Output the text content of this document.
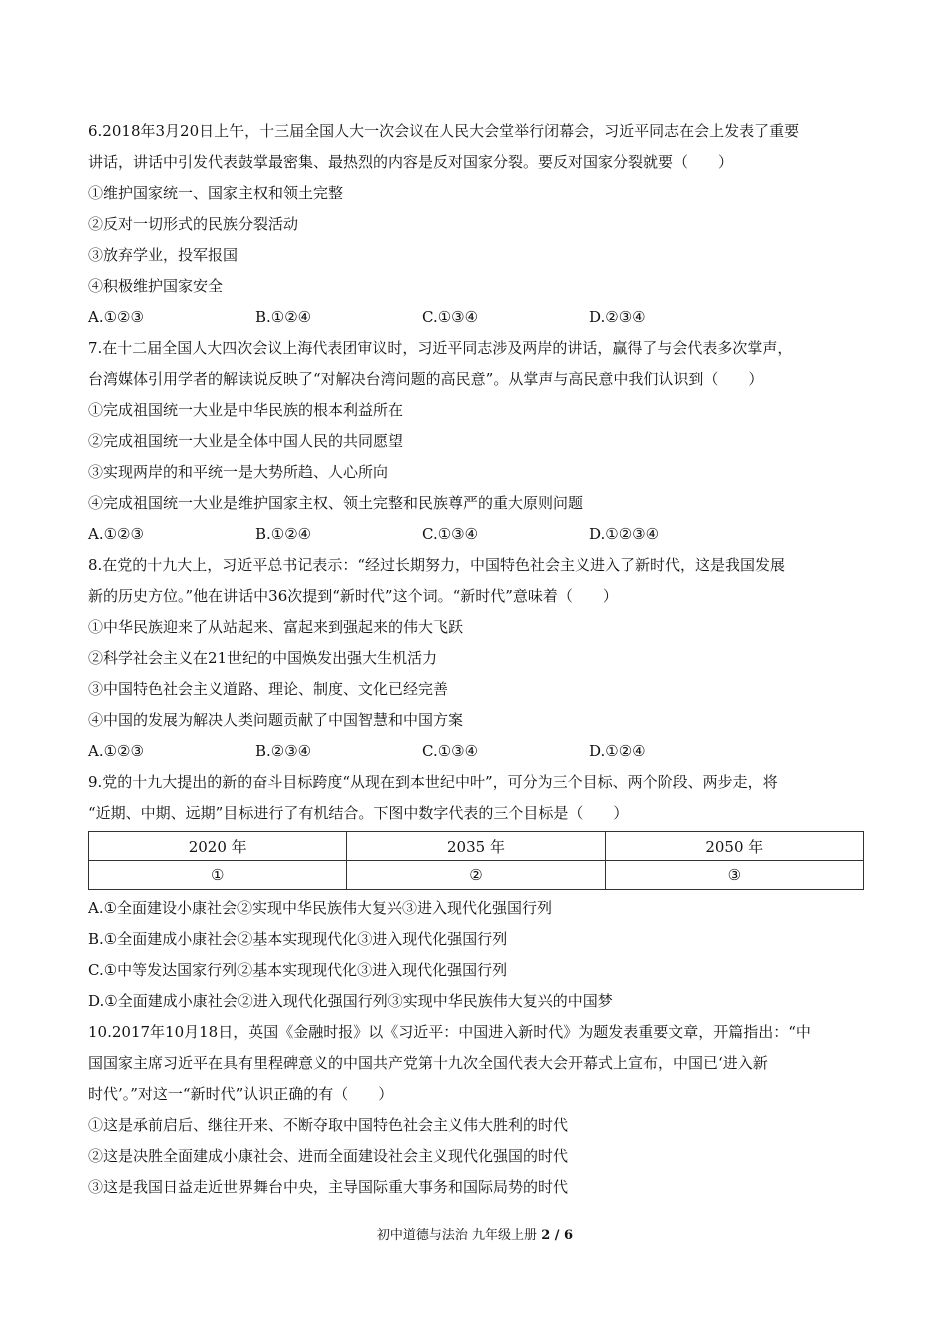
6.2018年3月20日上午，十三届全国人大一次会议在人民大会堂举行闭幕会，习近平同志在会上发表了重要
讲话，讲话中引发代表鼓掌最密集、最热烈的内容是反对国家分裂。要反对国家分裂就要（　　）
①维护国家统一、国家主权和领土完整
②反对一切形式的民族分裂活动
③放弃学业，投军报国
④积极维护国家安全
A.①②③	B.①②④	C.①③④	D.②③④
7.在十二届全国人大四次会议上海代表团审议时，习近平同志涉及两岸的讲话，赢得了与会代表多次掌声，
台湾媒体引用学者的解读说反映了“对解决台湾问题的高民意”。从掌声与高民意中我们认识到（　　）
①完成祖国统一大业是中华民族的根本利益所在
②完成祖国统一大业是全体中国人民的共同愿望
③实现两岸的和平统一是大势所趋、人心所向
④完成祖国统一大业是维护国家主权、领土完整和民族尊严的重大原则问题
A.①②③	B.①②④	C.①③④	D.①②③④
8.在党的十九大上，习近平总书记表示：“经过长期努力，中国特色社会主义进入了新时代，这是我国发展
新的历史方位。”他在讲话中36次提到“新时代”这个词。“新时代”意味着（　　）
①中华民族迎来了从站起来、富起来到强起来的伟大飞跃
②科学社会主义在21世纪的中国焕发出强大生机活力
③中国特色社会主义道路、理论、制度、文化已经完善
④中国的发展为解决人类问题贡献了中国智慧和中国方案
A.①②③	B.②③④	C.①③④	D.①②④
9.党的十九大提出的新的奋斗目标跨度“从现在到本世纪中叶”，可分为三个目标、两个阶段、两步走，将
“近期、中期、远期”目标进行了有机结合。下图中数字代表的三个目标是（　　）
2020 年	2035 年	2050 年
①	②	③
A.①全面建设小康社会②实现中华民族伟大复兴③进入现代化强国行列
B.①全面建成小康社会②基本实现现代化③进入现代化强国行列
C.①中等发达国家行列②基本实现现代化③进入现代化强国行列
D.①全面建成小康社会②进入现代化强国行列③实现中华民族伟大复兴的中国梦
10.2017年10月18日，英国《金融时报》以《习近平：中国进入新时代》为题发表重要文章，开篇指出：“中
国国家主席习近平在具有里程碑意义的中国共产党第十九次全国代表大会开幕式上宣布，中国已‘进入新
时代’。”对这一“新时代”认识正确的有（　　）
①这是承前启后、继往开来、不断夺取中国特色社会主义伟大胜利的时代
②这是决胜全面建成小康社会、进而全面建设社会主义现代化强国的时代
③这是我国日益走近世界舞台中央，主导国际重大事务和国际局势的时代
初中道德与法治 九年级上册 2 / 6
